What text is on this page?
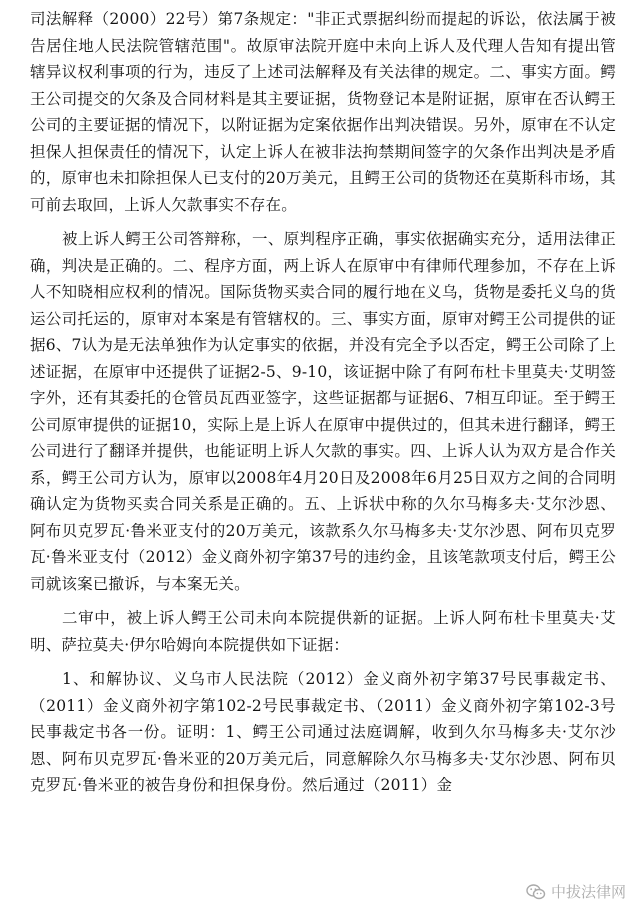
司法解释（2000）22号）第7条规定："非正式票据纠纷而提起的诉讼，依法属于被告居住地人民法院管辖范围"。故原审法院开庭中未向上诉人及代理人告知有提出管辖异议权利事项的行为，违反了上述司法解释及有关法律的规定。二、事实方面。鳄王公司提交的欠条及合同材料是其主要证据，货物登记本是附证据，原审在否认鳄王公司的主要证据的情况下，以附证据为定案依据作出判决错误。另外，原审在不认定担保人担保责任的情况下，认定上诉人在被非法拘禁期间签字的欠条作出判决是矛盾的，原审也未扣除担保人已支付的20万美元，且鳄王公司的货物还在莫斯科市场，其可前去取回，上诉人欠款事实不存在。

被上诉人鳄王公司答辩称，一、原判程序正确，事实依据确实充分，适用法律正确，判决是正确的。二、程序方面，两上诉人在原审中有律师代理参加，不存在上诉人不知晓相应权利的情况。国际货物买卖合同的履行地在义乌，货物是委托义乌的货运公司托运的，原审对本案是有管辖权的。三、事实方面，原审对鳄王公司提供的证据6、7认为是无法单独作为认定事实的依据，并没有完全予以否定，鳄王公司除了上述证据，在原审中还提供了证据2-5、9-10，该证据中除了有阿布杜卡里莫夫·艾明签字外，还有其委托的仓管员瓦西亚签字，这些证据都与证据6、7相互印证。至于鳄王公司原审提供的证据10，实际上是上诉人在原审中提供过的，但其未进行翻译，鳄王公司进行了翻译并提供，也能证明上诉人欠款的事实。四、上诉人认为双方是合作关系，鳄王公司方认为，原审以2008年4月20日及2008年6月25日双方之间的合同明确认定为货物买卖合同关系是正确的。五、上诉状中称的久尔马梅多夫·艾尔沙恩、阿布贝克罗瓦·鲁米亚支付的20万美元，该款系久尔马梅多夫·艾尔沙恩、阿布贝克罗瓦·鲁米亚支付（2012）金义商外初字第37号的违约金，且该笔款项支付后，鳄王公司就该案已撤诉，与本案无关。

二审中，被上诉人鳄王公司未向本院提供新的证据。上诉人阿布杜卡里莫夫·艾明、萨拉莫夫·伊尔哈姆向本院提供如下证据：

1、和解协议、义乌市人民法院（2012）金义商外初字第37号民事裁定书、（2011）金义商外初字第102-2号民事裁定书、（2011）金义商外初字第102-3号民事裁定书各一份。证明：1、鳄王公司通过法庭调解，收到久尔马梅多夫·艾尔沙恩、阿布贝克罗瓦·鲁米亚的20万美元后，同意解除久尔马梅多夫·艾尔沙恩、阿布贝克罗瓦·鲁米亚的被告身份和担保身份。然后通过（2011）金

中拔法律网
